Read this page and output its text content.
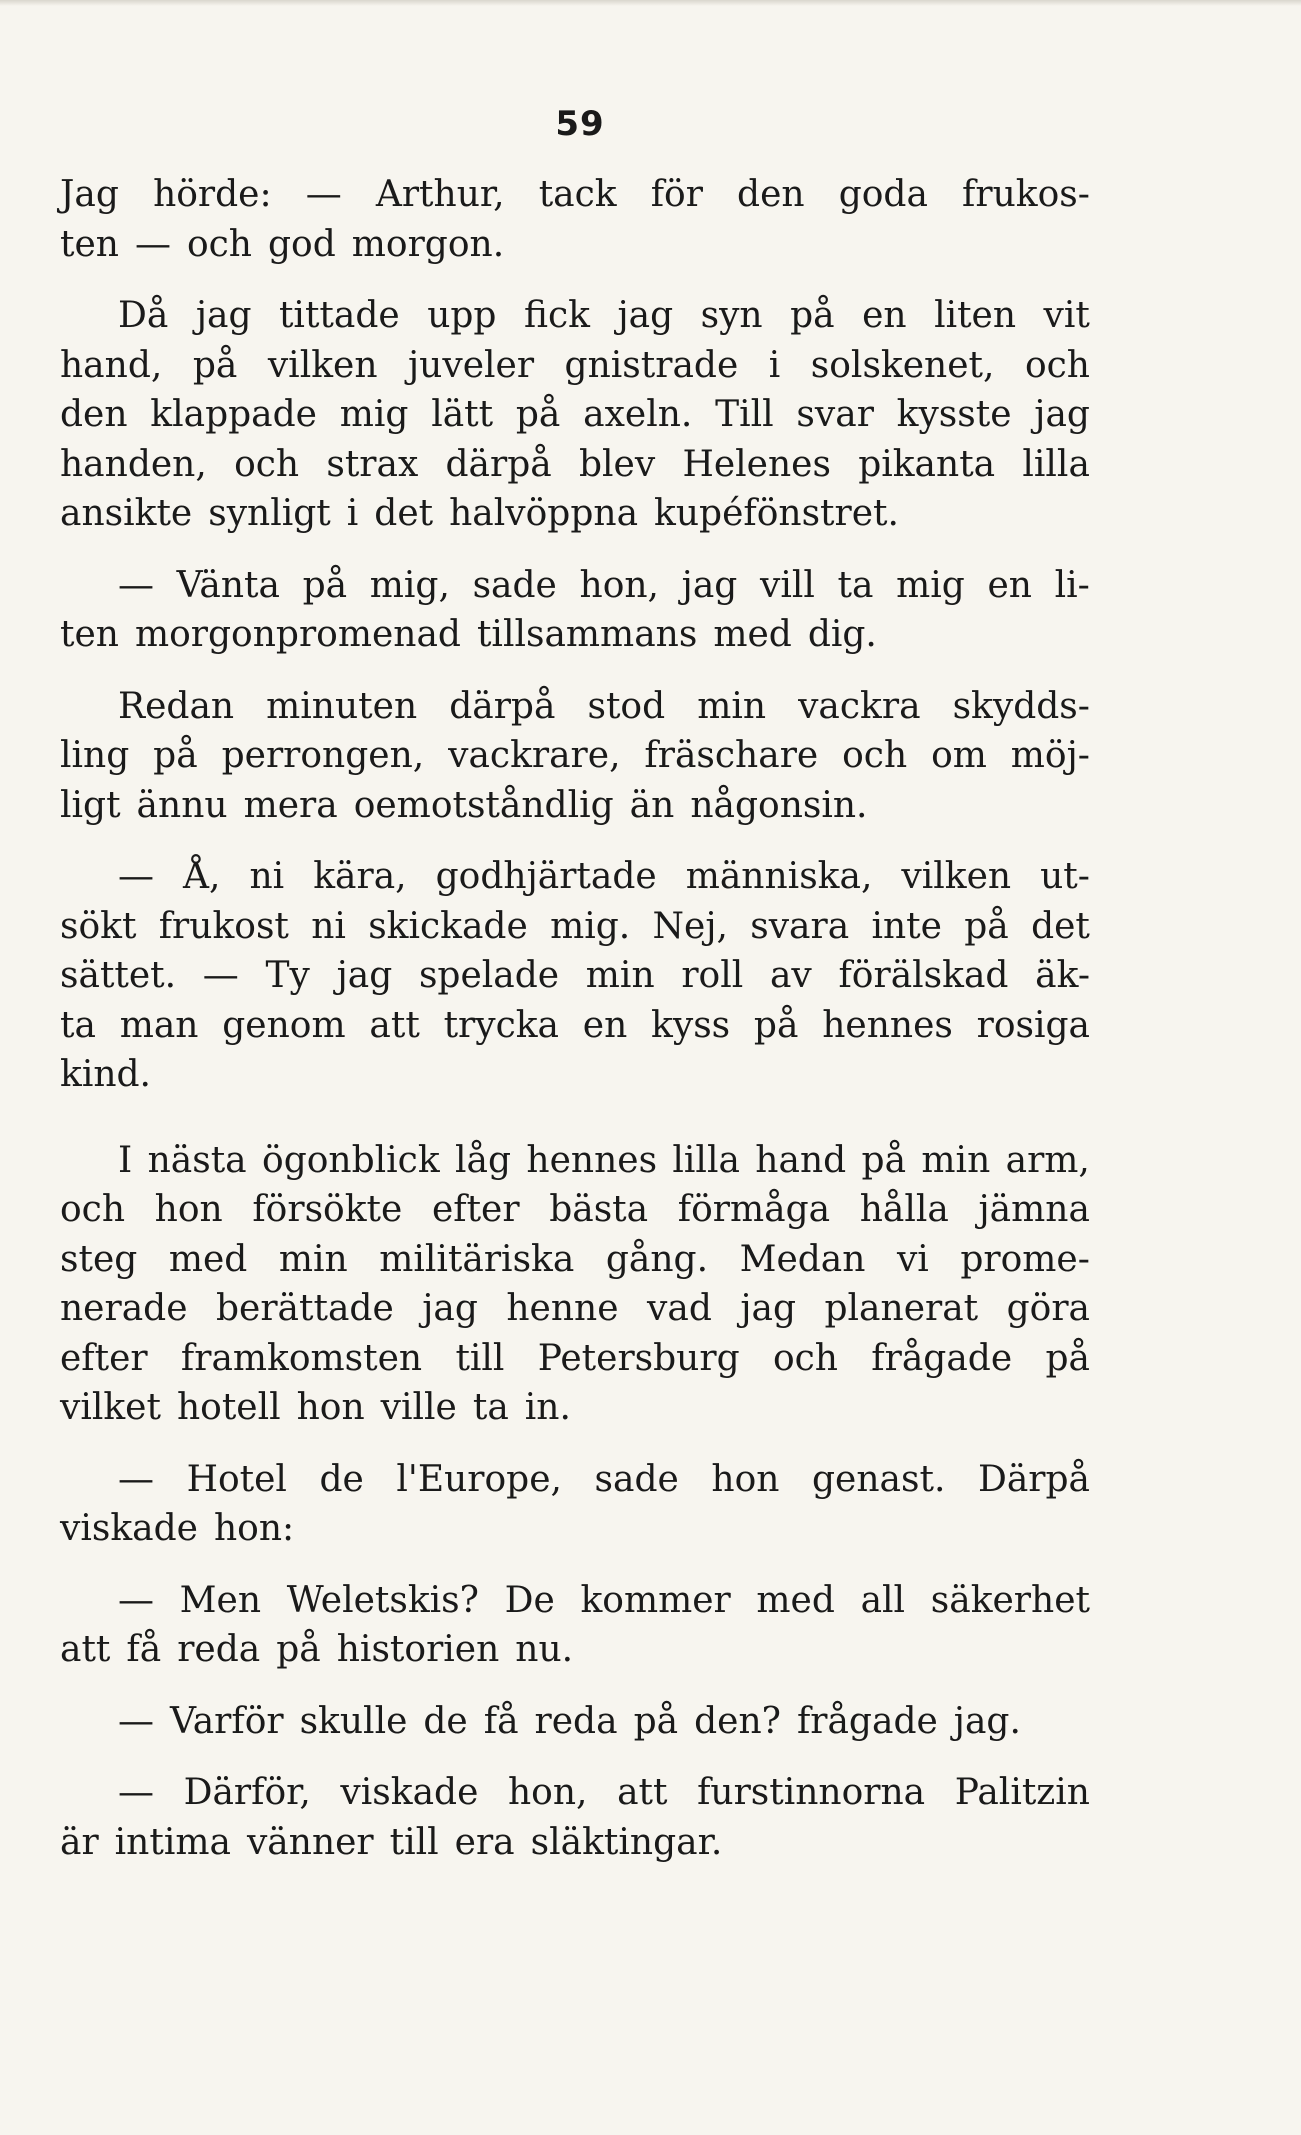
59
Jag hörde: — Arthur, tack för den goda frukos-
ten — och god morgon.
Då jag tittade upp fick jag syn på en liten vit
hand, på vilken juveler gnistrade i solskenet, och
den klappade mig lätt på axeln. Till svar kysste jag
handen, och strax därpå blev Helenes pikanta lilla
ansikte synligt i det halvöppna kupéfönstret.
— Vänta på mig, sade hon, jag vill ta mig en li-
ten morgonpromenad tillsammans med dig.
Redan minuten därpå stod min vackra skydds-
ling på perrongen, vackrare, fräschare och om möj-
ligt ännu mera oemotståndlig än någonsin.
— Å, ni kära, godhjärtade människa, vilken ut-
sökt frukost ni skickade mig. Nej, svara inte på det
sättet. — Ty jag spelade min roll av förälskad äk-
ta man genom att trycka en kyss på hennes rosiga
kind.
I nästa ögonblick låg hennes lilla hand på min arm,
och hon försökte efter bästa förmåga hålla jämna
steg med min militäriska gång. Medan vi prome-
nerade berättade jag henne vad jag planerat göra
efter framkomsten till Petersburg och frågade på
vilket hotell hon ville ta in.
— Hotel de l'Europe, sade hon genast. Därpå
viskade hon:
— Men Weletskis? De kommer med all säkerhet
att få reda på historien nu.
— Varför skulle de få reda på den? frågade jag.
— Därför, viskade hon, att furstinnorna Palitzin
är intima vänner till era släktingar.
